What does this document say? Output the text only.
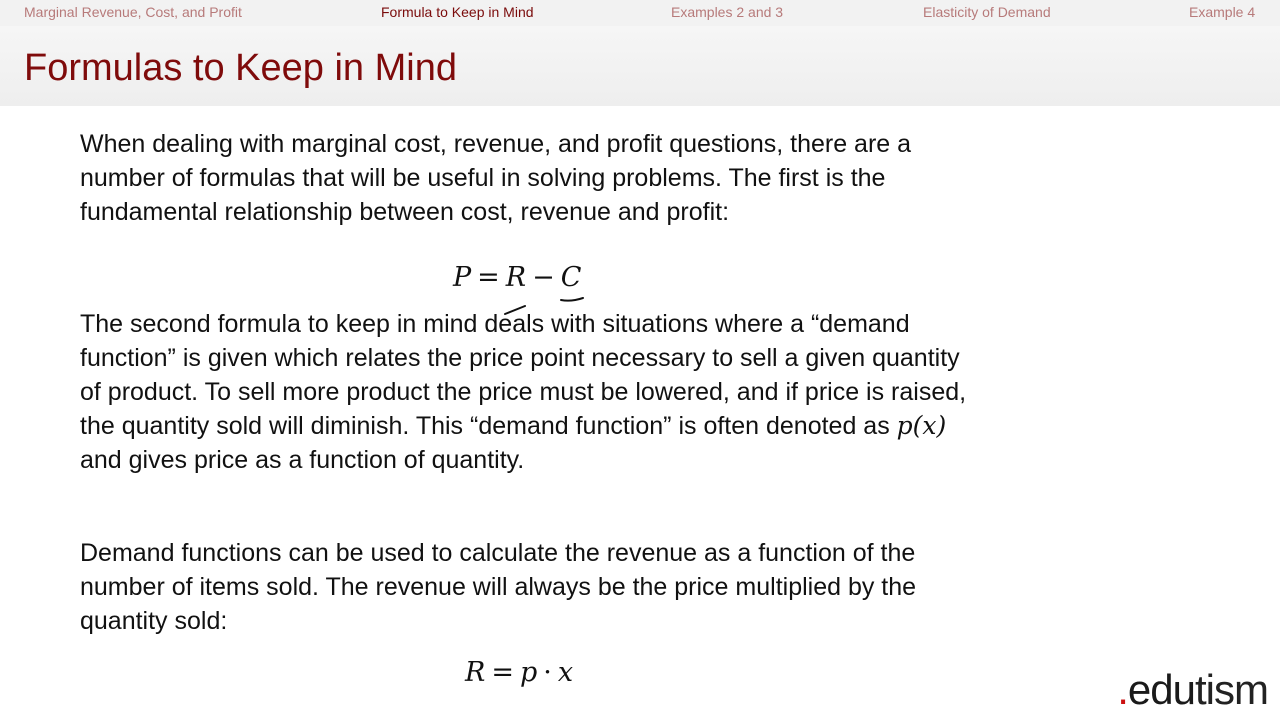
Marginal Revenue, Cost, and Profit	Formula to Keep in Mind	Examples 2 and 3	Elasticity of Demand	Example 4
Formulas to Keep in Mind

When dealing with marginal cost, revenue, and profit questions, there are a number of formulas that will be useful in solving problems. The first is the fundamental relationship between cost, revenue and profit:

P = R − C

The second formula to keep in mind deals with situations where a “demand function” is given which relates the price point necessary to sell a given quantity of product. To sell more product the price must be lowered, and if price is raised, the quantity sold will diminish. This “demand function” is often denoted as p(x) and gives price as a function of quantity.

Demand functions can be used to calculate the revenue as a function of the number of items sold. The revenue will always be the price multiplied by the quantity sold:

R = p · x	.edutism
